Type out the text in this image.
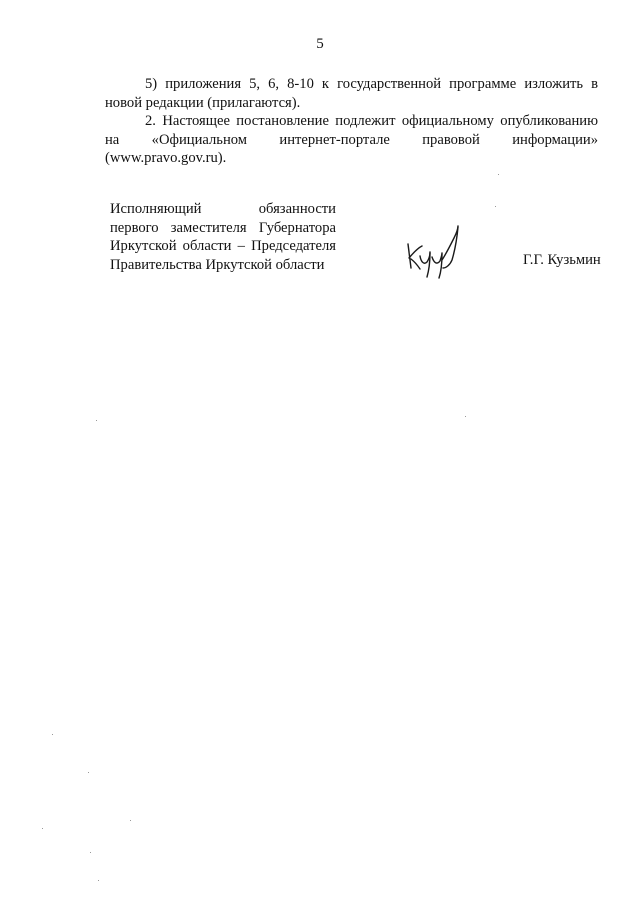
5

5) приложения 5, 6, 8-10 к государственной программе изложить в
новой редакции (прилагаются).

2. Настоящее постановление подлежит официальному опубликованию
на «Официальном интернет-портале правовой информации»
(www.pravo.gov.ru).

Исполняющий обязанности
первого заместителя Губернатора
Иркутской области – Председателя
Правительства Иркутской области	Г.Г. Кузьмин
